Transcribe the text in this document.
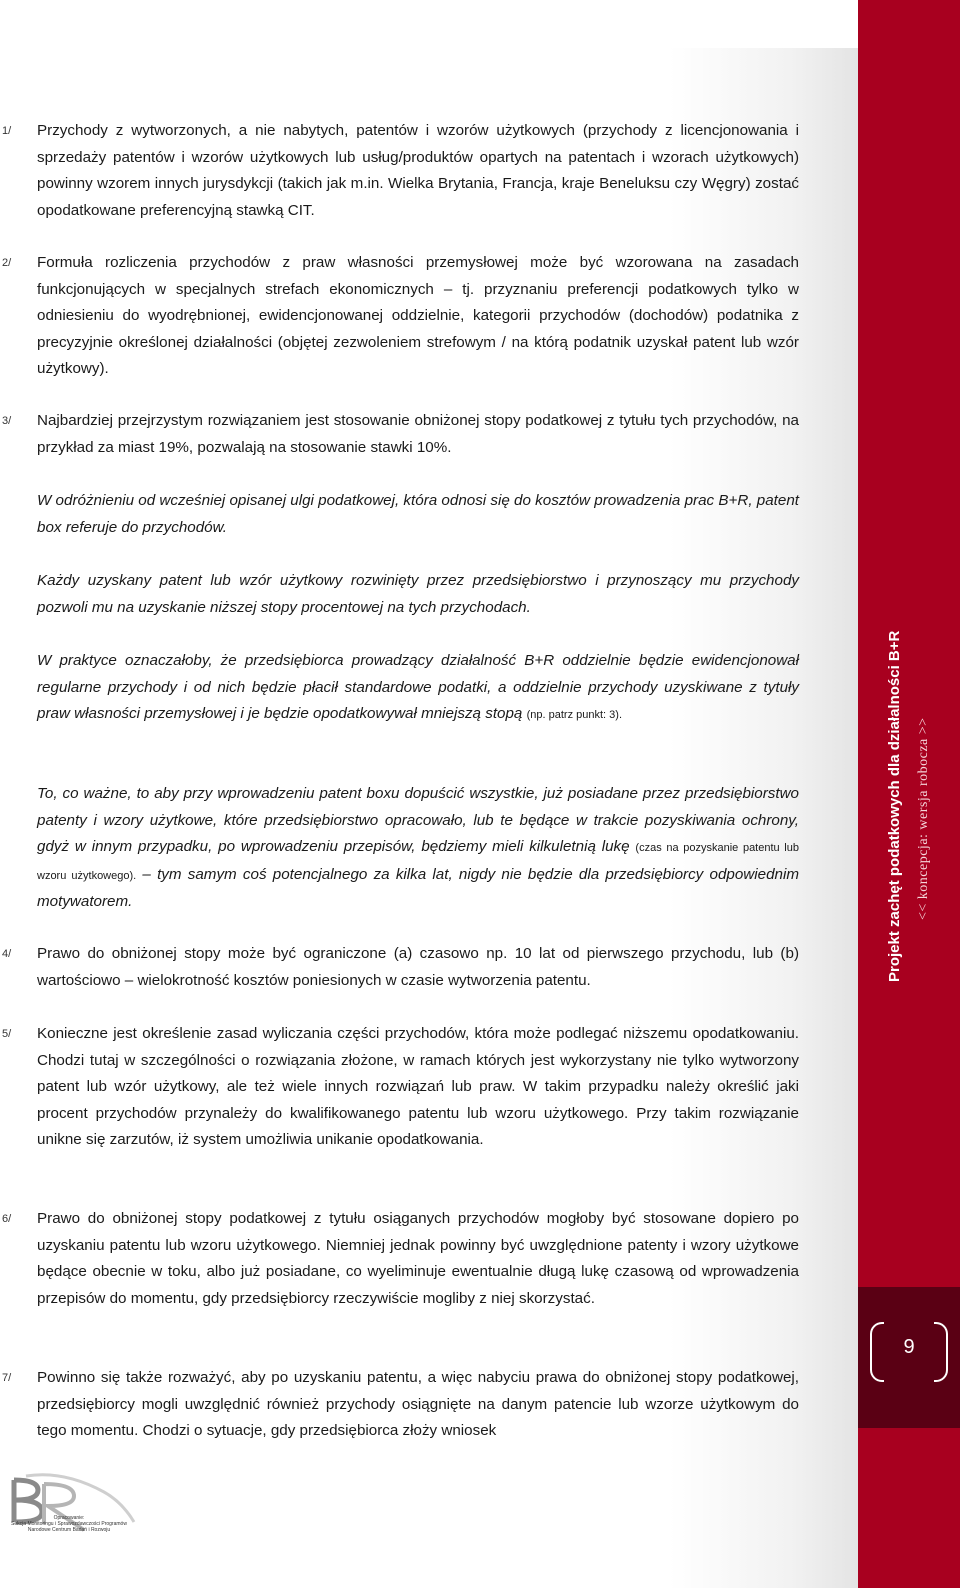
1/ Przychody z wytworzonych, a nie nabytych, patentów i wzorów użytkowych (przychody z licencjonowania i sprzedaży patentów i wzorów użytkowych lub usług/produktów opartych na patentach i wzorach użytkowych) powinny wzorem innych jurysdykcji (takich jak m.in. Wielka Brytania, Francja, kraje Beneluksu czy Węgry) zostać opodatkowane preferencyjną stawką CIT.

2/ Formuła rozliczenia przychodów z praw własności przemysłowej może być wzorowana na zasadach funkcjonujących w specjalnych strefach ekonomicznych – tj. przyznaniu preferencji podatkowych tylko w odniesieniu do wyodrębnionej, ewidencjonowanej oddzielnie, kategorii przychodów (dochodów) podatnika z precyzyjnie określonej działalności (objętej zezwoleniem strefowym / na którą podatnik uzyskał patent lub wzór użytkowy).

3/ Najbardziej przejrzystym rozwiązaniem jest stosowanie obniżonej stopy podatkowej z tytułu tych przychodów, na przykład za miast 19%, pozwalają na stosowanie stawki 10%.

W odróżnieniu od wcześniej opisanej ulgi podatkowej, która odnosi się do kosztów prowadzenia prac B+R, patent box referuje do przychodów.

Każdy uzyskany patent lub wzór użytkowy rozwinięty przez przedsiębiorstwo i przynoszący mu przychody pozwoli mu na uzyskanie niższej stopy procentowej na tych przychodach.

W praktyce oznaczałoby, że przedsiębiorca prowadzący działalność B+R oddzielnie będzie ewidencjonował regularne przychody i od nich będzie płacił standardowe podatki, a oddzielnie przychody uzyskiwane z tytuły praw własności przemysłowej i je będzie opodatkowywał mniejszą stopą (np. patrz punkt: 3).

To, co ważne, to aby przy wprowadzeniu patent boxu dopuścić wszystkie, już posiadane przez przedsiębiorstwo patenty i wzory użytkowe, które przedsiębiorstwo opracowało, lub te będące w trakcie pozyskiwania ochrony, gdyż w innym przypadku, po wprowadzeniu przepisów, będziemy mieli kilkuletnią lukę (czas na pozyskanie patentu lub wzoru użytkowego). – tym samym coś potencjalnego za kilka lat, nigdy nie będzie dla przedsiębiorcy odpowiednim motywatorem.

4/ Prawo do obniżonej stopy może być ograniczone (a) czasowo np. 10 lat od pierwszego przychodu, lub (b) wartościowo – wielokrotność kosztów poniesionych w czasie wytworzenia patentu.

5/ Konieczne jest określenie zasad wyliczania części przychodów, która może podlegać niższemu opodatkowaniu. Chodzi tutaj w szczególności o rozwiązania złożone, w ramach których jest wykorzystany nie tylko wytworzony patent lub wzór użytkowy, ale też wiele innych rozwiązań lub praw. W takim przypadku należy określić jaki procent przychodów przynależy do kwalifikowanego patentu lub wzoru użytkowego. Przy takim rozwiązanie unikne się zarzutów, iż system umożliwia unikanie opodatkowania.

6/ Prawo do obniżonej stopy podatkowej z tytułu osiąganych przychodów mogłoby być stosowane dopiero po uzyskaniu patentu lub wzoru użytkowego. Niemniej jednak powinny być uwzględnione patenty i wzory użytkowe będące obecnie w toku, albo już posiadane, co wyeliminuje ewentualnie długą lukę czasową od wprowadzenia przepisów do momentu, gdy przedsiębiorcy rzeczywiście mogliby z niej skorzystać.

7/ Powinno się także rozważyć, aby po uzyskaniu patentu, a więc nabyciu prawa do obniżonej stopy podatkowej, przedsiębiorcy mogli uwzględnić również przychody osiągnięte na danym patencie lub wzorze użytkowym do tego momentu. Chodzi o sytuacje, gdy przedsiębiorca złoży wniosek

Opracowanie:
Sekcja Monitoringu i Sprawozdawczości Programów
Narodowe Centrum Badań i Rozwoju
Projekt zachęt podatkowych dla działalności B+R << koncepcja: wersja robocza >>
9
